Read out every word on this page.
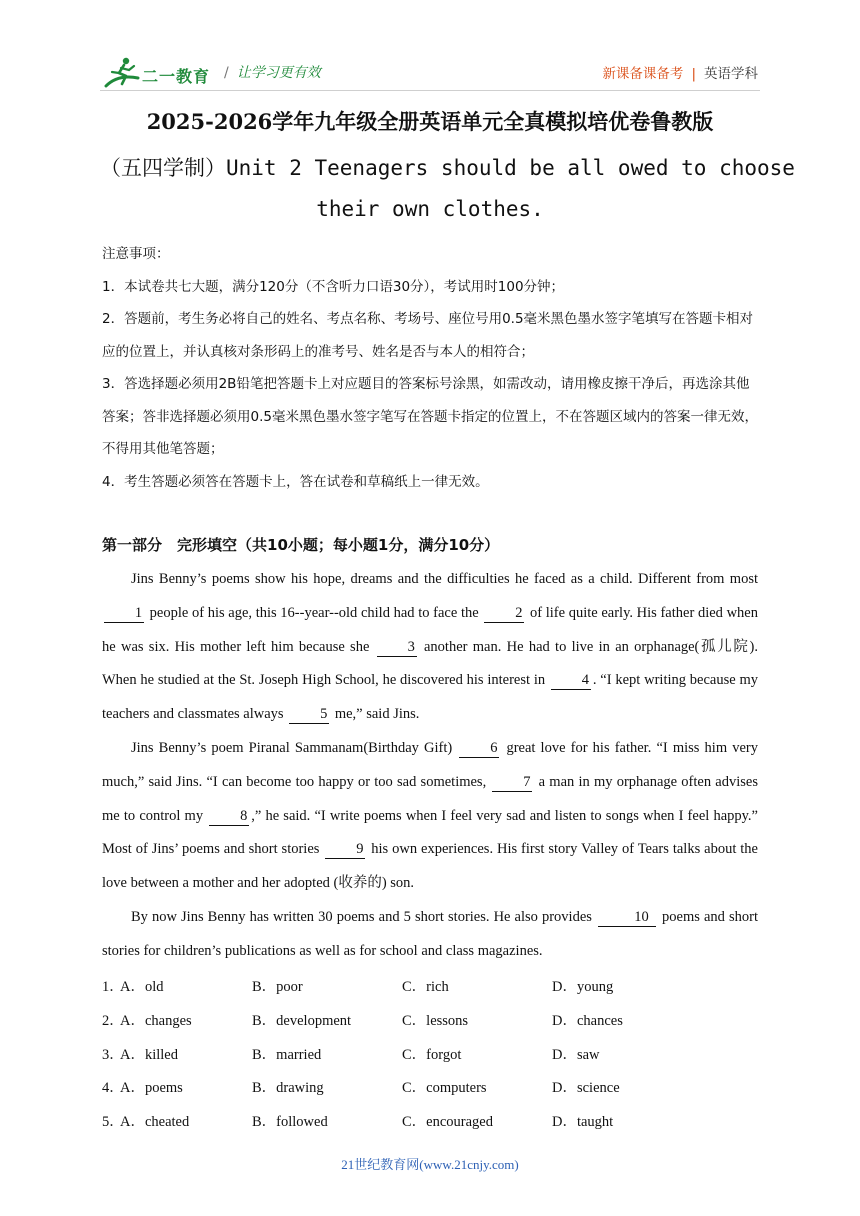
二一教育 / 让学习更有效	新课备课备考 | 英语学科
2025-2026学年九年级全册英语单元全真模拟培优卷鲁教版
（五四学制）Unit 2 Teenagers should be all owed to choose
their own clothes.

注意事项：

1．本试卷共七大题，满分120分（不含听力口语30分），考试用时100分钟；

2．答题前，考生务必将自己的姓名、考点名称、考场号、座位号用0.5毫米黑色墨水签字笔填写在答题卡相对应的位置上，并认真核对条形码上的准考号、姓名是否与本人的相符合；

3．答选择题必须用2B铅笔把答题卡上对应题目的答案标号涂黑，如需改动，请用橡皮擦干净后，再选涂其他答案；答非选择题必须用0.5毫米黑色墨水签字笔写在答题卡指定的位置上，不在答题区域内的答案一律无效，不得用其他笔答题；

4．考生答题必须答在答题卡上，答在试卷和草稿纸上一律无效。

第一部分　完形填空（共10小题；每小题1分，满分10分）

Jins Benny’s poems show his hope, dreams and the difficulties he faced as a child. Different from most 1 people of his age, this 16--year--old child had to face the 2 of life quite early. His father died when he was six. His mother left him because she 3 another man. He had to live in an orphanage(孤儿院). When he studied at the St. Joseph High School, he discovered his interest in 4 . “I kept writing because my teachers and classmates always 5 me,” said Jins.

Jins Benny’s poem Piranal Sammanam(Birthday Gift) 6 great love for his father. “I miss him very much,” said Jins. “I can become too happy or too sad sometimes, 7 a man in my orphanage often advises me to control my 8 ,” he said. “I write poems when I feel very sad and listen to songs when I feel happy.” Most of Jins’ poems and short stories 9 his own experiences. His first story Valley of Tears talks about the love between a mother and her adopted (收养的) son.

By now Jins Benny has written 30 poems and 5 short stories. He also provides	10 poems and short stories for children’s publications as well as for school and class magazines.

1．
A．old	B．poor	C．rich	D．young
2．
A．changes	B．development	C．lessons	D．chances
3．
A．killed	B．married	C．forgot	D．saw
4．
A．poems	B．drawing	C．computers	D．science
5．
A．cheated	B．followed	C．encouraged	D．taught
21世纪教育网(www.21cnjy.com)
